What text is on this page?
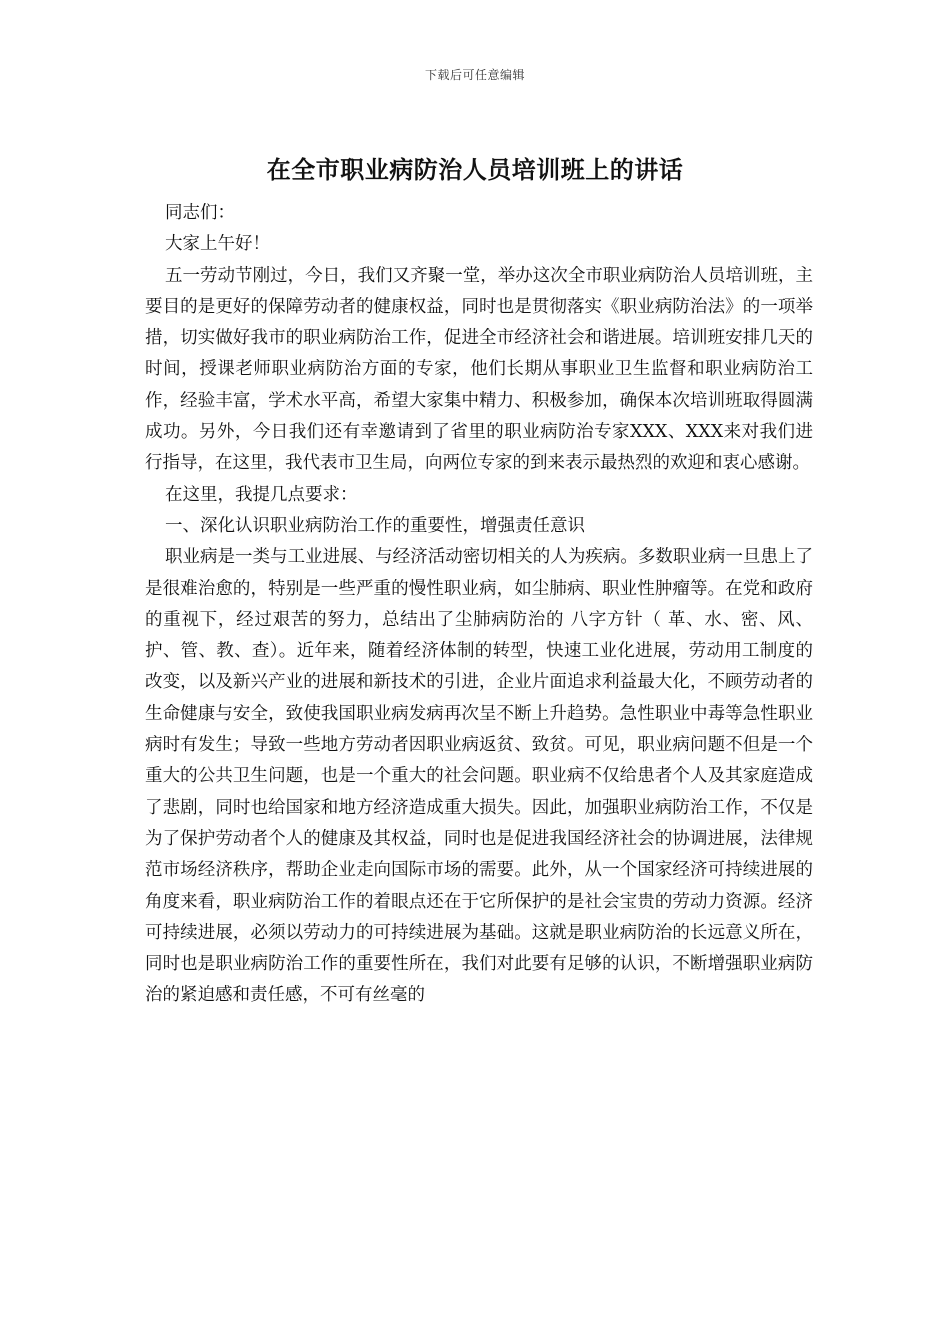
下载后可任意编辑
在全市职业病防治人员培训班上的讲话

同志们：

大家上午好！

五一劳动节刚过，今日，我们又齐聚一堂，举办这次全市职业病防治人员培训班，主要目的是更好的保障劳动者的健康权益，同时也是贯彻落实《职业病防治法》的一项举措，切实做好我市的职业病防治工作，促进全市经济社会和谐进展。培训班安排几天的时间，授课老师职业病防治方面的专家，他们长期从事职业卫生监督和职业病防治工作，经验丰富，学术水平高，希望大家集中精力、积极参加，确保本次培训班取得圆满成功。另外，今日我们还有幸邀请到了省里的职业病防治专家XXX、XXX来对我们进行指导，在这里，我代表市卫生局，向两位专家的到来表示最热烈的欢迎和衷心感谢。

在这里，我提几点要求：

一、深化认识职业病防治工作的重要性，增强责任意识

职业病是一类与工业进展、与经济活动密切相关的人为疾病。多数职业病一旦患上了是很难治愈的，特别是一些严重的慢性职业病，如尘肺病、职业性肿瘤等。在党和政府的重视下，经过艰苦的努力，总结出了尘肺病防治的 八字方针（ 革、水、密、风、护、管、教、查）。近年来，随着经济体制的转型，快速工业化进展，劳动用工制度的改变，以及新兴产业的进展和新技术的引进，企业片面追求利益最大化，不顾劳动者的生命健康与安全，致使我国职业病发病再次呈不断上升趋势。急性职业中毒等急性职业病时有发生；导致一些地方劳动者因职业病返贫、致贫。可见，职业病问题不但是一个重大的公共卫生问题，也是一个重大的社会问题。职业病不仅给患者个人及其家庭造成了悲剧，同时也给国家和地方经济造成重大损失。因此，加强职业病防治工作，不仅是为了保护劳动者个人的健康及其权益，同时也是促进我国经济社会的协调进展，法律规范市场经济秩序，帮助企业走向国际市场的需要。此外，从一个国家经济可持续进展的角度来看，职业病防治工作的着眼点还在于它所保护的是社会宝贵的劳动力资源。经济可持续进展，必须以劳动力的可持续进展为基础。这就是职业病防治的长远意义所在，同时也是职业病防治工作的重要性所在，我们对此要有足够的认识，不断增强职业病防治的紧迫感和责任感，不可有丝毫的
